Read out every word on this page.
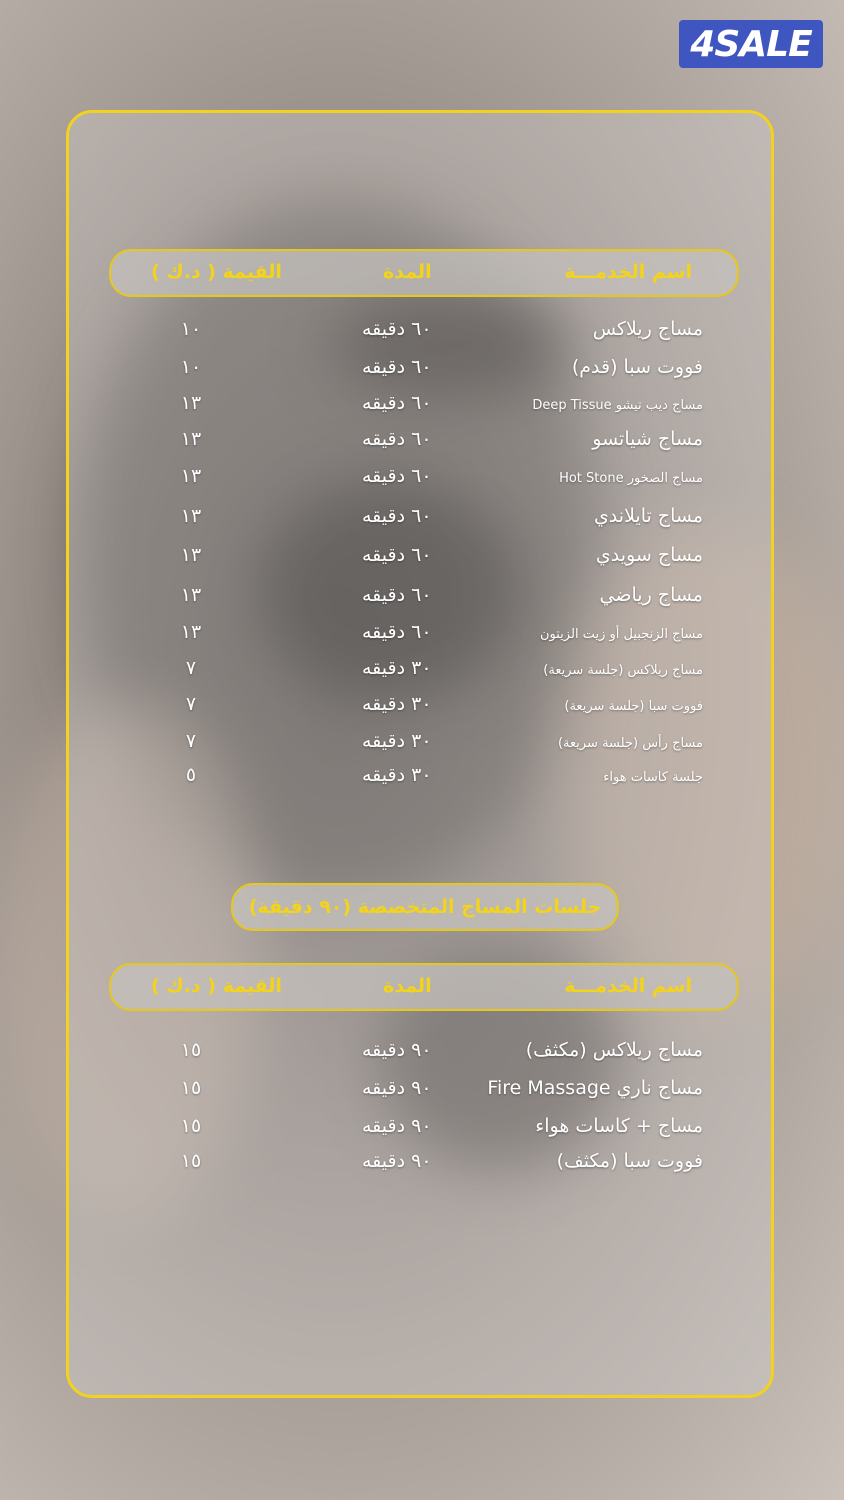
4SALE
اسم الخدمـــة
المدة
القيمة ( د.ك )
مساج ريلاكس
٦٠ دقيقه
١٠
فووت سبا (قدم)
٦٠ دقيقه
١٠
مساج ديب تيشو Deep Tissue
٦٠ دقيقه
١٣
مساج شياتسو
٦٠ دقيقه
١٣
مساج الصخور Hot Stone
٦٠ دقيقه
١٣
مساج تايلاندي
٦٠ دقيقه
١٣
مساج سويدي
٦٠ دقيقه
١٣
مساج رياضي
٦٠ دقيقه
١٣
مساج الزنجبيل أو زيت الزيتون
٦٠ دقيقه
١٣
مساج ريلاكس (جلسة سريعة)
٣٠ دقيقه
٧
فووت سبا (جلسة سريعة)
٣٠ دقيقه
٧
مساج رأس (جلسة سريعة)
٣٠ دقيقه
٧
جلسة كاسات هواء
٣٠ دقيقه
٥
جلسات المساج المتخصصة (٩٠ دقيقة)
اسم الخدمـــة
المدة
القيمة ( د.ك )
مساج ريلاكس (مكثف)
٩٠ دقيقه
١٥
مساج ناري Fire Massage
٩٠ دقيقه
١٥
مساج + كاسات هواء
٩٠ دقيقه
١٥
فووت سبا (مكثف)
٩٠ دقيقه
١٥
